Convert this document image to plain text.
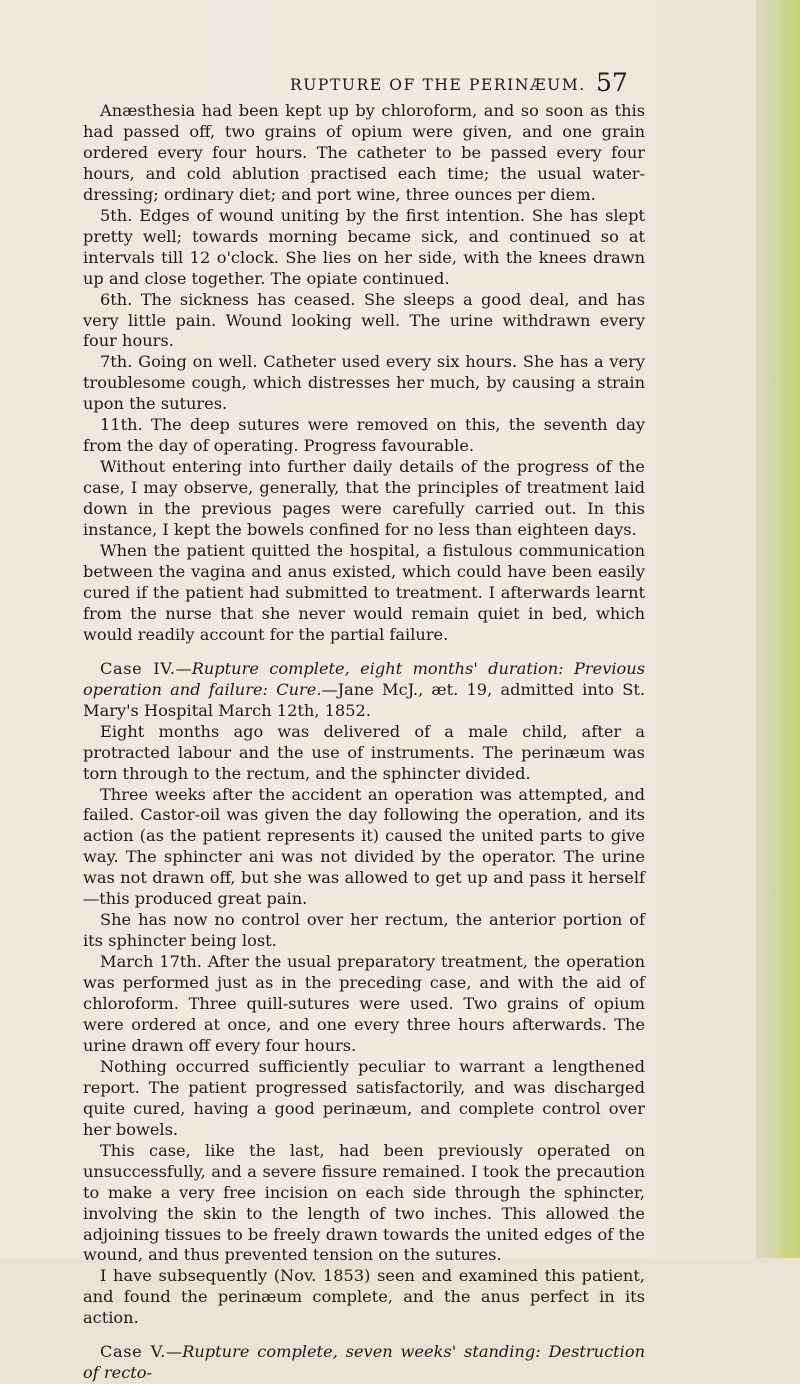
RUPTURE OF THE PERINÆUM. 57

Anæsthesia had been kept up by chloroform, and so soon as this had passed off, two grains of opium were given, and one grain ordered every four hours. The catheter to be passed every four hours, and cold ablution practised each time; the usual water-dressing; ordinary diet; and port wine, three ounces per diem.

5th. Edges of wound uniting by the first intention. She has slept pretty well; towards morning became sick, and continued so at intervals till 12 o'clock. She lies on her side, with the knees drawn up and close together. The opiate continued.

6th. The sickness has ceased. She sleeps a good deal, and has very little pain. Wound looking well. The urine withdrawn every four hours.

7th. Going on well. Catheter used every six hours. She has a very troublesome cough, which distresses her much, by causing a strain upon the sutures.

11th. The deep sutures were removed on this, the seventh day from the day of operating. Progress favourable.

Without entering into further daily details of the progress of the case, I may observe, generally, that the principles of treatment laid down in the previous pages were carefully carried out. In this instance, I kept the bowels confined for no less than eighteen days.

When the patient quitted the hospital, a fistulous communication between the vagina and anus existed, which could have been easily cured if the patient had submitted to treatment. I afterwards learnt from the nurse that she never would remain quiet in bed, which would readily account for the partial failure.

Case IV.—Rupture complete, eight months' duration: Previous operation and failure: Cure.—Jane McJ., æt. 19, admitted into St. Mary's Hospital March 12th, 1852.

Eight months ago was delivered of a male child, after a protracted labour and the use of instruments. The perinæum was torn through to the rectum, and the sphincter divided.

Three weeks after the accident an operation was attempted, and failed. Castor-oil was given the day following the operation, and its action (as the patient represents it) caused the united parts to give way. The sphincter ani was not divided by the operator. The urine was not drawn off, but she was allowed to get up and pass it herself—this produced great pain.

She has now no control over her rectum, the anterior portion of its sphincter being lost.

March 17th. After the usual preparatory treatment, the operation was performed just as in the preceding case, and with the aid of chloroform. Three quill-sutures were used. Two grains of opium were ordered at once, and one every three hours afterwards. The urine drawn off every four hours.

Nothing occurred sufficiently peculiar to warrant a lengthened report. The patient progressed satisfactorily, and was discharged quite cured, having a good perinæum, and complete control over her bowels.

This case, like the last, had been previously operated on unsuccessfully, and a severe fissure remained. I took the precaution to make a very free incision on each side through the sphincter, involving the skin to the length of two inches. This allowed the adjoining tissues to be freely drawn towards the united edges of the wound, and thus prevented tension on the sutures.

I have subsequently (Nov. 1853) seen and examined this patient, and found the perinæum complete, and the anus perfect in its action.

Case V.—Rupture complete, seven weeks' standing: Destruction of recto-
